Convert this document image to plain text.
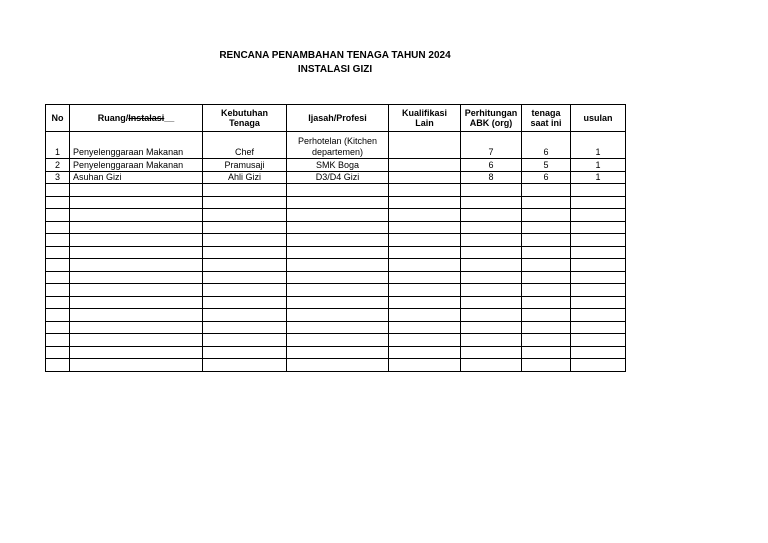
RENCANA PENAMBAHAN TENAGA TAHUN 2024
INSTALASI GIZI
No	Ruang/Instalasi__	Kebutuhan Tenaga	Ijasah/Profesi	Kualifikasi Lain	Perhitungan ABK (org)	tenaga saat ini	usulan
1	Penyelenggaraan Makanan	Chef	Perhotelan (Kitchen departemen)		7	6	1
2	Penyelenggaraan Makanan	Pramusaji	SMK Boga		6	5	1
3	Asuhan Gizi	Ahli Gizi	D3/D4 Gizi		8	6	1
